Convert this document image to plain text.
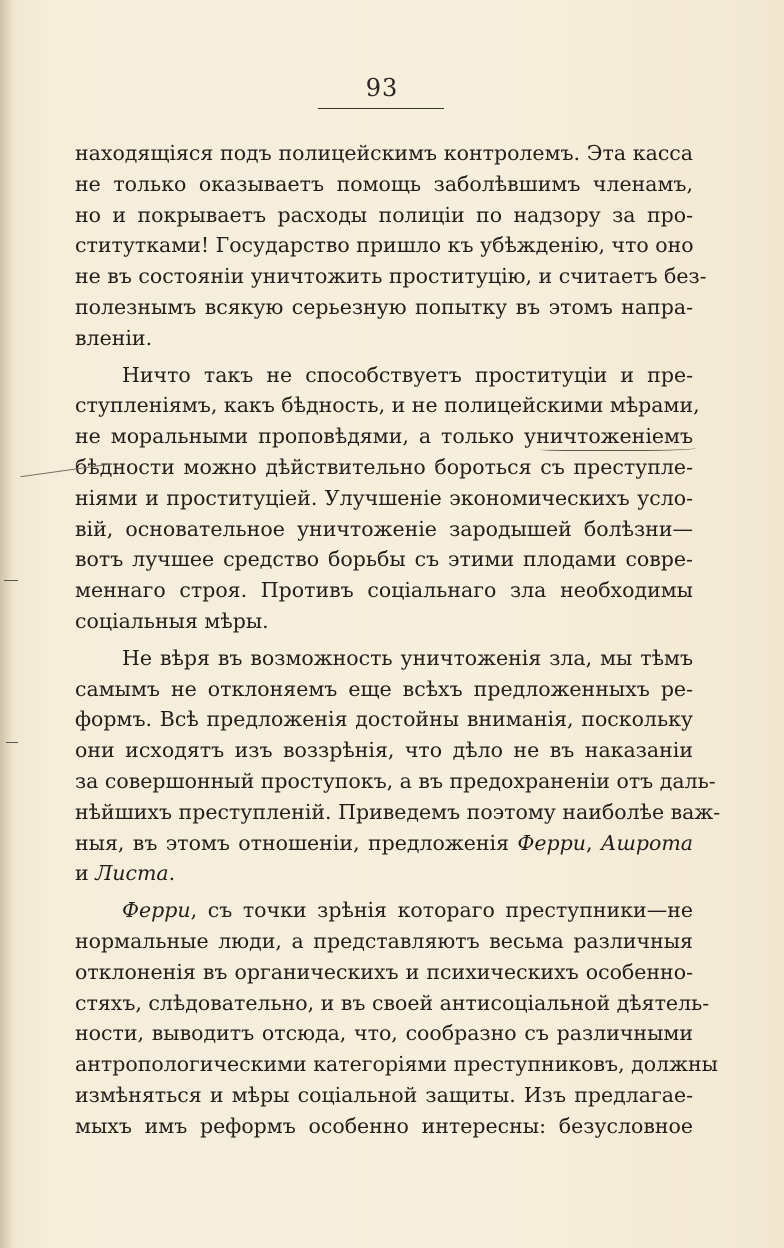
93
находящіяся подъ полицейскимъ контролемъ. Эта касса
не только оказываетъ помощь заболѣвшимъ членамъ,
но и покрываетъ расходы полиціи по надзору за про-
ститутками! Государство пришло къ убѣжденію, что оно
не въ состояніи уничтожить проституцію, и считаетъ без-
полезнымъ всякую серьезную попытку въ этомъ напра-
вленіи.
Ничто такъ не способствуетъ проституціи и пре-
ступленіямъ, какъ бѣдность, и не полицейскими мѣрами,
не моральными проповѣдями, а только уничтоженіемъ
бѣдности можно дѣйствительно бороться съ преступле-
ніями и проституціей. Улучшеніе экономическихъ усло-
вій, основательное уничтоженіе зародышей болѣзни—
вотъ лучшее средство борьбы съ этими плодами совре-
меннаго строя. Противъ соціальнаго зла необходимы
соціальныя мѣры.
Не вѣря въ возможность уничтоженія зла, мы тѣмъ
самымъ не отклоняемъ еще всѣхъ предложенныхъ ре-
формъ. Всѣ предложенія достойны вниманія, поскольку
они исходятъ изъ воззрѣнія, что дѣло не въ наказаніи
за совершонный проступокъ, а въ предохраненіи отъ даль-
нѣйшихъ преступленій. Приведемъ поэтому наиболѣе важ-
ныя, въ этомъ отношеніи, предложенія Ферри, Ашрота
и Листа.
Ферри, съ точки зрѣнія котораго преступники—не
нормальные люди, а представляютъ весьма различныя
отклоненія въ органическихъ и психическихъ особенно-
стяхъ, слѣдовательно, и въ своей антисоціальной дѣятель-
ности, выводитъ отсюда, что, сообразно съ различными
антропологическими категоріями преступниковъ, должны
измѣняться и мѣры соціальной защиты. Изъ предлагае-
мыхъ имъ реформъ особенно интересны: безусловное
